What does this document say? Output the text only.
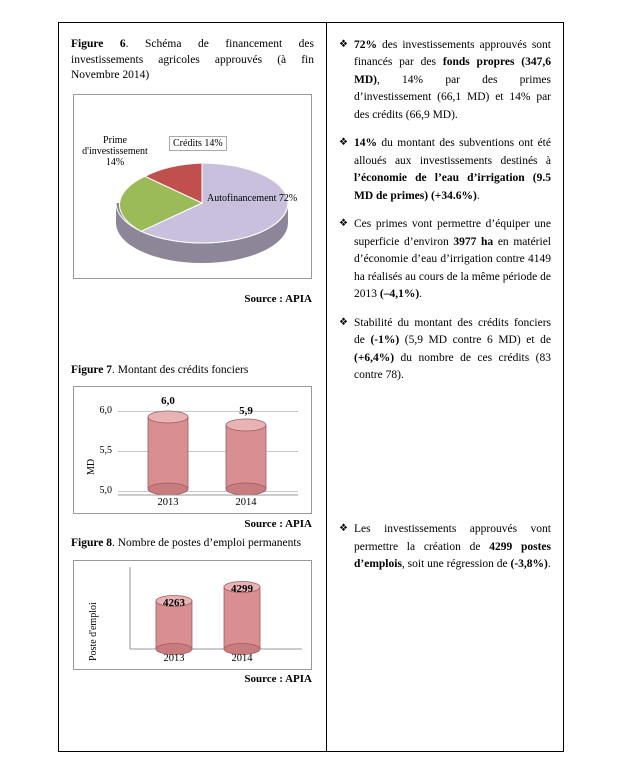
Figure 6. Schéma de financement des investissements agricoles approuvés (à fin Novembre 2014)
Autofinancement 72%
Crédits 14%
Prime d'investissement 14%
Source : APIA
Figure 7. Montant des crédits fonciers
MD
6,0
5,5
5,0
6,0
5,9
2013	2014
Source : APIA
Figure 8. Nombre de postes d’emploi permanents
Poste d'emploi	4263
4299
2013	2014
Source : APIA
❖ 72% des investissements approuvés sont financés par des fonds propres (347,6 MD), 14% par des primes d’investissement (66,1 MD) et 14% par des crédits (66,9 MD).
❖ 14% du montant des subventions ont été alloués aux investissements destinés à l’économie de l’eau d’irrigation (9.5 MD de primes) (+34.6%).
❖ Ces primes vont permettre d’équiper une superficie d’environ 3977 ha en matériel d’économie d’eau d’irrigation contre 4149 ha réalisés au cours de la même période de 2013 (–4,1%).
❖ Stabilité du montant des crédits fonciers de (-1%) (5,9 MD contre 6 MD) et de (+6,4%) du nombre de ces crédits (83 contre 78).
❖ Les investissements approuvés vont permettre la création de 4299 postes d’emplois, soit une régression de (-3,8%).
